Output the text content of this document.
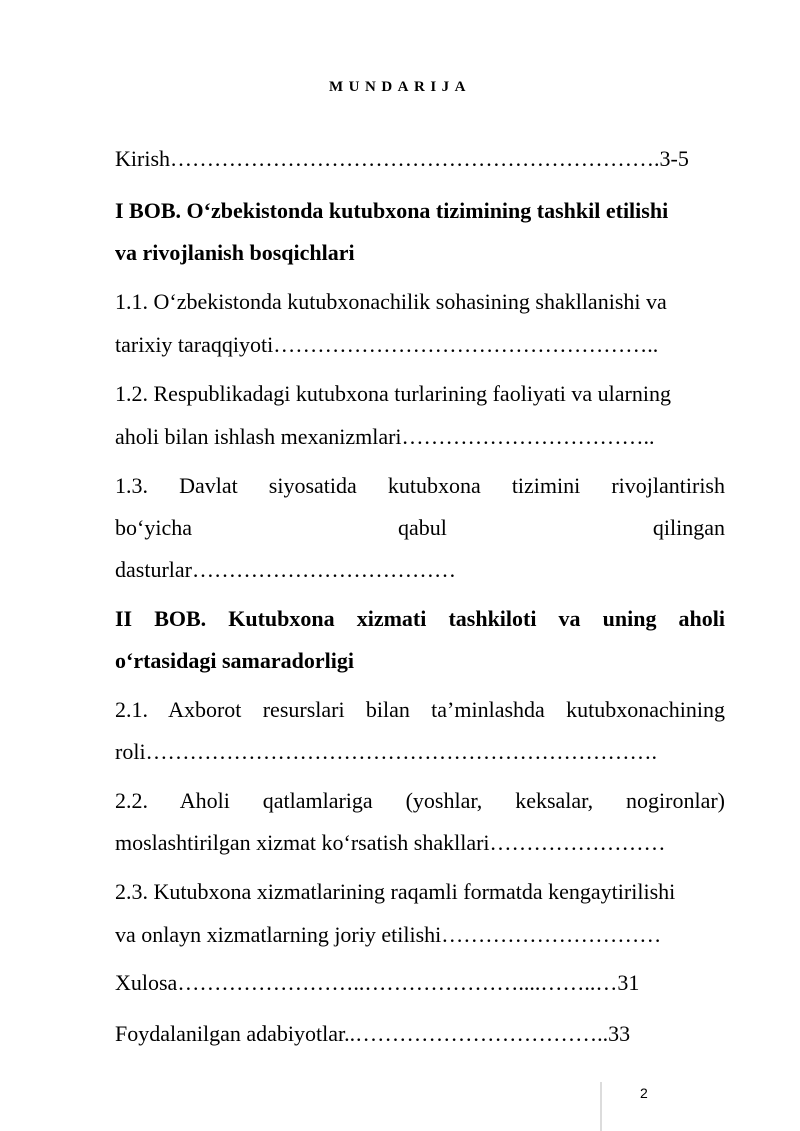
MUNDARIJA
Kirish………………………………………………………….3-5
I BOB. O‘zbekistonda kutubxona tizimining tashkil etilishi
va rivojlanish bosqichlari
1.1. O‘zbekistonda kutubxonachilik sohasining shakllanishi va
tarixiy taraqqiyoti……………………………………………..
1.2. Respublikadagi kutubxona turlarining faoliyati va ularning
aholi bilan ishlash mexanizmlari……………………………..
1.3. Davlat siyosatida kutubxona tizimini rivojlantirish
bo‘yicha qabul qilingan
dasturlar………………………………
II BOB. Kutubxona xizmati tashkiloti va uning aholi
o‘rtasidagi samaradorligi
2.1. Axborot resurslari bilan ta’minlashda kutubxonachining
roli…………………………………………………………….
2.2. Aholi qatlamlariga (yoshlar, keksalar, nogironlar)
moslashtirilgan xizmat ko‘rsatish shakllari……………………
2.3. Kutubxona xizmatlarining raqamli formatda kengaytirilishi
va onlayn xizmatlarning joriy etilishi…………………………
Xulosa……………………..…………………....……..…31
Foydalanilgan adabiyotlar..……………………………..33
2
